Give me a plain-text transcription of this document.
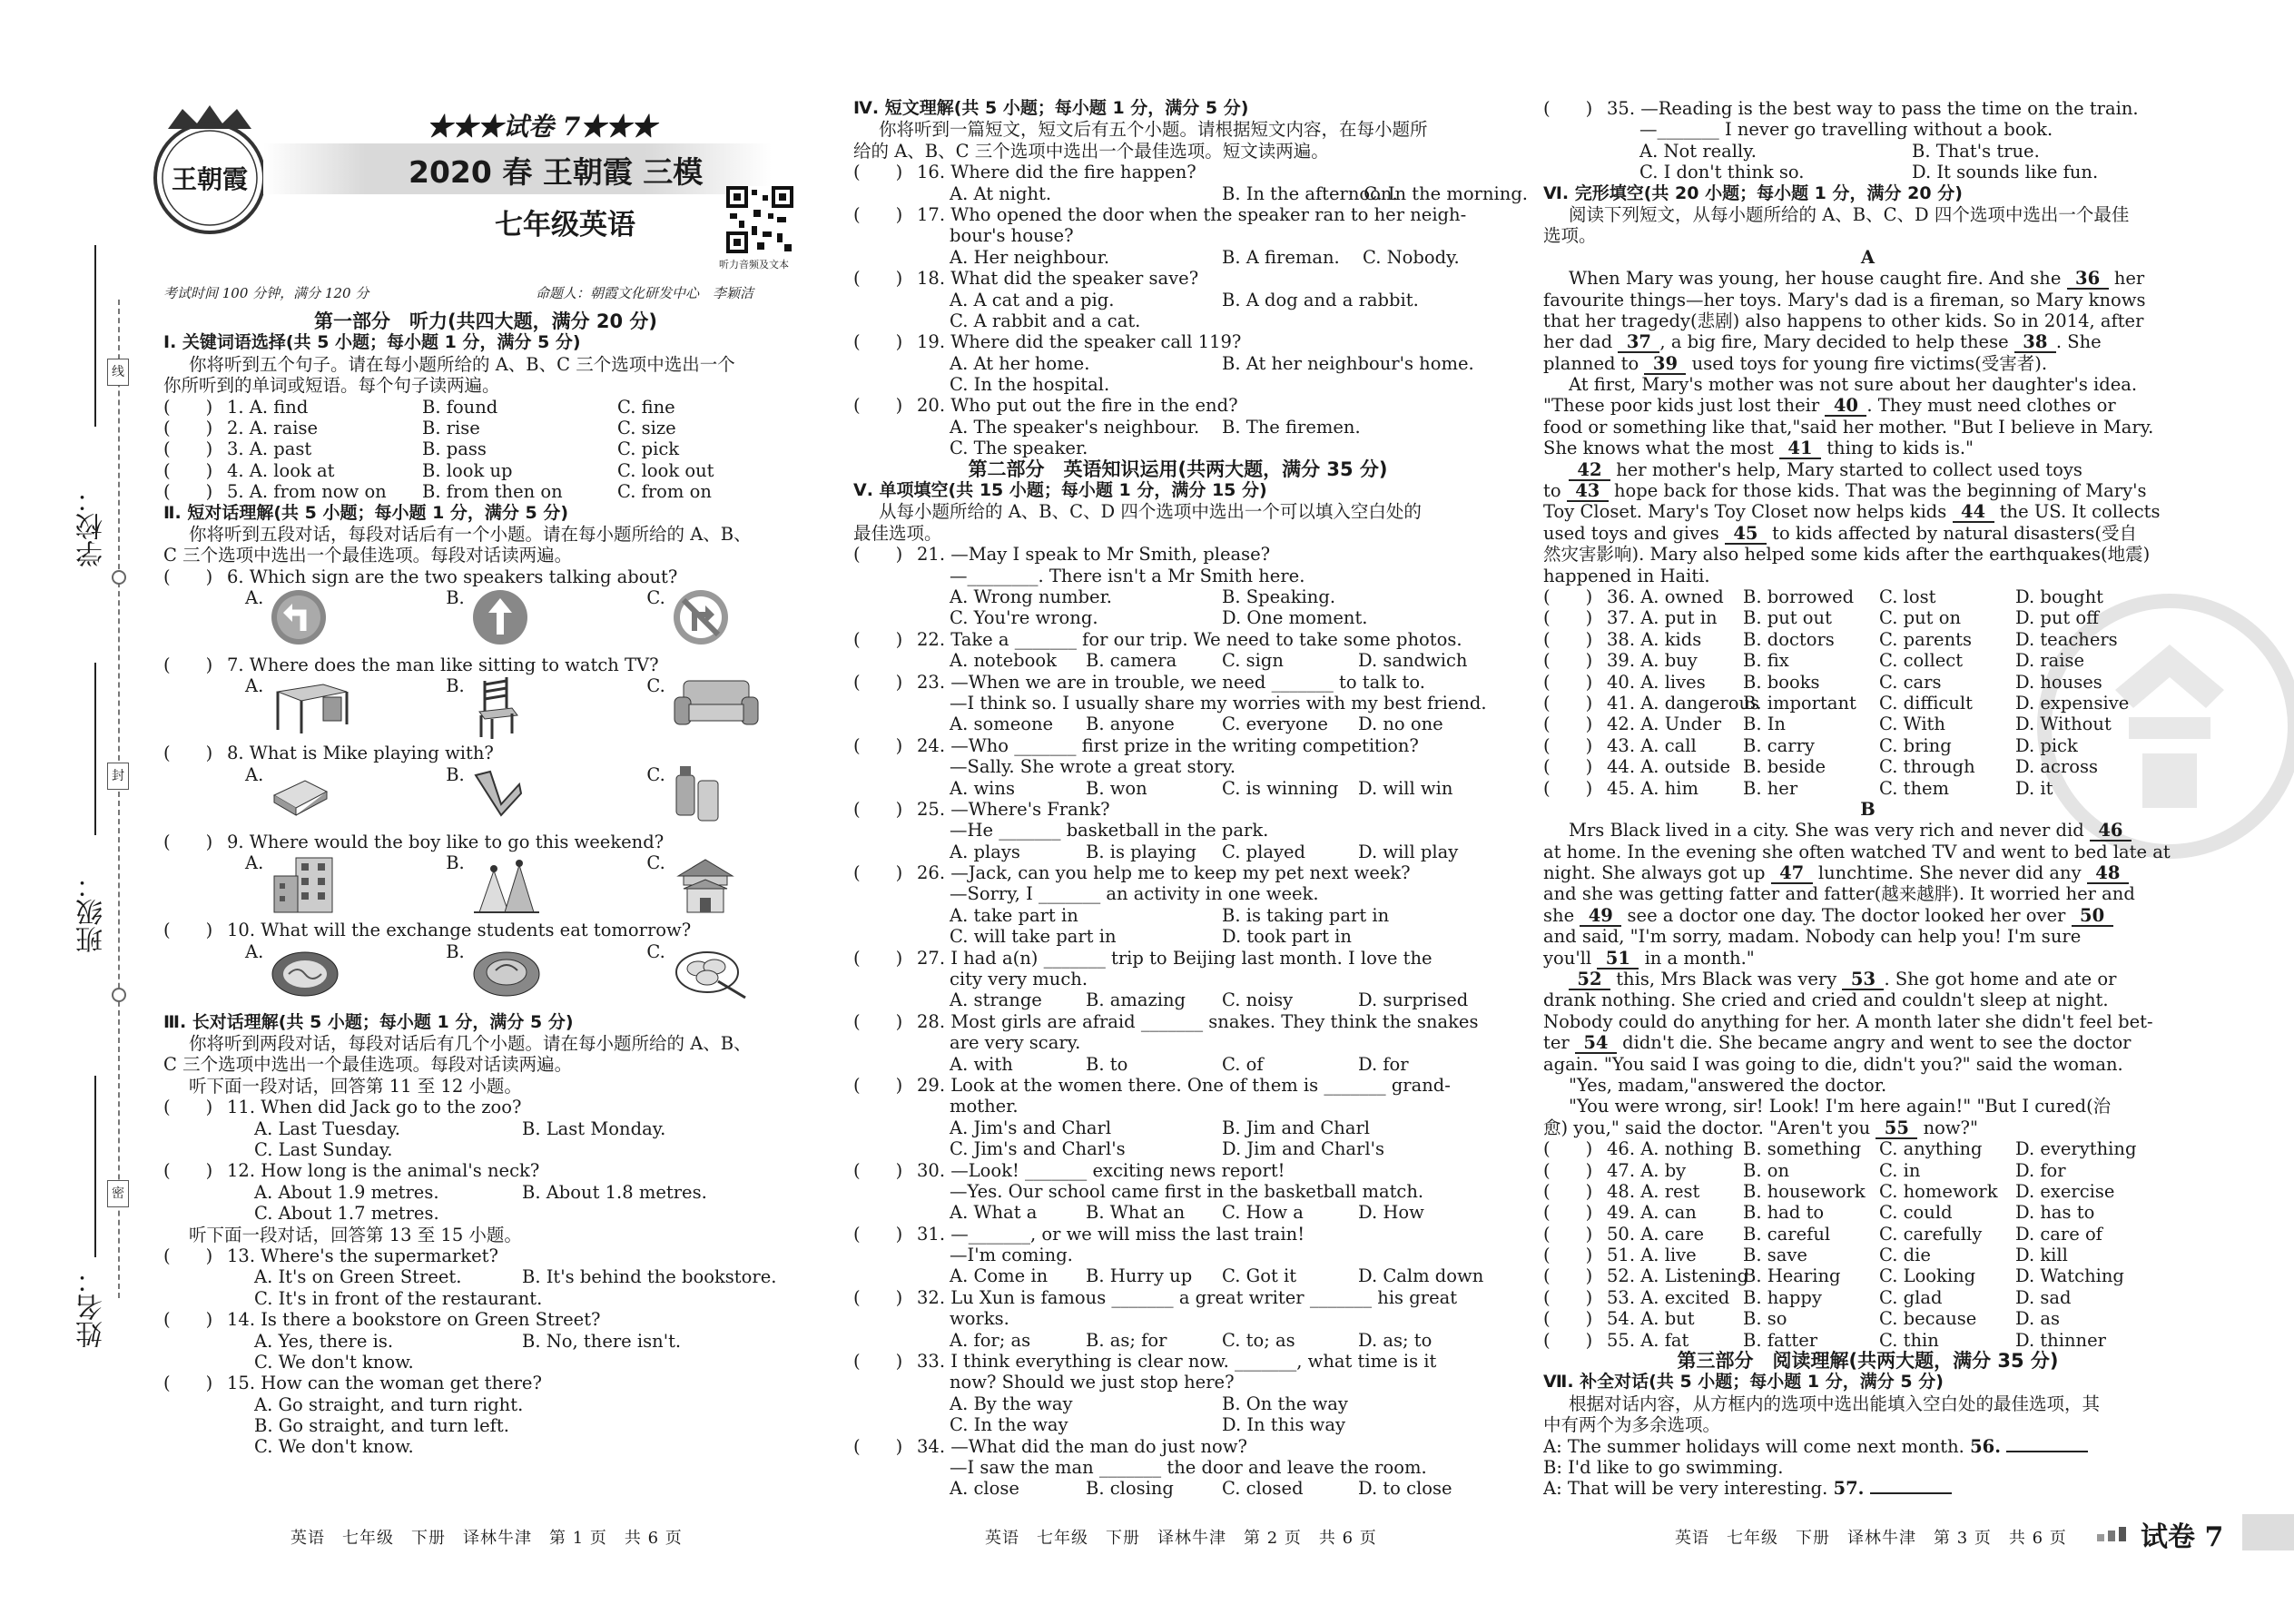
学校：
班级：
姓名：
线
封
密
王朝霞
★★★试卷 7★★★
2020 春 王朝霞 三模
七年级英语
听力音频及文本
考试时间 100 分钟，满分 120 分	命题人：朝霞文化研发中心　李颖洁
第一部分　听力(共四大题，满分 20 分)
Ⅰ. 关键词语选择(共 5 小题；每小题 1 分，满分 5 分)
你将听到五个句子。请在每小题所给的 A、B、C 三个选项中选出一个
你所听到的单词或短语。每个句子读两遍。
(　　) 1. A. find	B. found	C. fine
(　　) 2. A. raise	B. rise	C. size
(　　) 3. A. past	B. pass	C. pick
(　　) 4. A. look at	B. look up	C. look out
(　　) 5. A. from now on B. from then on	C. from on
Ⅱ. 短对话理解(共 5 小题；每小题 1 分，满分 5 分)
你将听到五段对话，每段对话后有一个小题。请在每小题所给的 A、B、
C 三个选项中选出一个最佳选项。每段对话读两遍。
(　　) 6. Which sign are the two speakers talking about?
A.	B.	C.
(　　) 7. Where does the man like sitting to watch TV?
A.	B.	C.
(　　) 8. What is Mike playing with?
A.	B.	C.
(　　) 9. Where would the boy like to go this weekend?
A.	B.	C.
(　　) 10. What will the exchange students eat tomorrow?
A.	B.	C.
Ⅲ. 长对话理解(共 5 小题；每小题 1 分，满分 5 分)
你将听到两段对话，每段对话后有几个小题。请在每小题所给的 A、B、
C 三个选项中选出一个最佳选项。每段对话读两遍。
听下面一段对话，回答第 11 至 12 小题。
(　　) 11. When did Jack go to the zoo?
A. Last Tuesday.	B. Last Monday.
C. Last Sunday.
(　　) 12. How long is the animal's neck?
A. About 1.9 metres.	B. About 1.8 metres.
C. About 1.7 metres.
听下面一段对话，回答第 13 至 15 小题。
(　　) 13. Where's the supermarket?
A. It's on Green Street.	B. It's behind the bookstore.
C. It's in front of the restaurant.
(　　) 14. Is there a bookstore on Green Street?
A. Yes, there is.	B. No, there isn't.
C. We don't know.
(　　) 15. How can the woman get there?
A. Go straight, and turn right.
B. Go straight, and turn left.
C. We don't know.
英语　七年级　下册　译林牛津　第 1 页　共 6 页
Ⅳ. 短文理解(共 5 小题；每小题 1 分，满分 5 分)
你将听到一篇短文，短文后有五个小题。请根据短文内容，在每小题所
给的 A、B、C 三个选项中选出一个最佳选项。短文读两遍。
(　　) 16. Where did the fire happen?
A. At night.	B. In the afternoon. C. In the morning.
(　　) 17. Who opened the door when the speaker ran to her neigh-
bour's house?
A. Her neighbour.	B. A fireman. C. Nobody.
(　　) 18. What did the speaker save?
A. A cat and a pig.	B. A dog and a rabbit.
C. A rabbit and a cat.
(　　) 19. Where did the speaker call 119?
A. At her home.	B. At her neighbour's home.
C. In the hospital.
(　　) 20. Who put out the fire in the end?
A. The speaker's neighbour. B. The firemen.
C. The speaker.
第二部分　英语知识运用(共两大题，满分 35 分)
Ⅴ. 单项填空(共 15 小题；每小题 1 分，满分 15 分)
从每小题所给的 A、B、C、D 四个选项中选出一个可以填入空白处的
最佳选项。
(　　) 21. —May I speak to Mr Smith, please?
—________. There isn't a Mr Smith here.
A. Wrong number.	B. Speaking.
C. You're wrong.	D. One moment.
(　　) 22. Take a _______ for our trip. We need to take some photos.
A. notebook B. camera	C. sign	D. sandwich
(　　) 23. —When we are in trouble, we need _______ to talk to.
—I think so. I usually share my worries with my best friend.
A. someone B. anyone	C. everyone D. no one
(　　) 24. —Who _______ first prize in the writing competition?
—Sally. She wrote a great story.
A. wins	B. won	C. is winning D. will win
(　　) 25. —Where's Frank?
—He _______ basketball in the park.
A. plays	B. is playing C. played	D. will play
(　　) 26. —Jack, can you help me to keep my pet next week?
—Sorry, I _______ an activity in one week.
A. take part in	B. is taking part in
C. will take part in	D. took part in
(　　) 27. I had a(n) _______ trip to Beijing last month. I love the
city very much.
A. strange B. amazing C. noisy	D. surprised
(　　) 28. Most girls are afraid _______ snakes. They think the snakes
are very scary.
A. with	B. to	C. of	D. for
(　　) 29. Look at the women there. One of them is _______ grand-
mother.
A. Jim's and Charl	B. Jim and Charl
C. Jim's and Charl's	D. Jim and Charl's
(　　) 30. —Look! _______ exciting news report!
—Yes. Our school came first in the basketball match.
A. What a	B. What an C. How a	D. How
(　　) 31. —_______, or we will miss the last train!
—I'm coming.
A. Come in B. Hurry up C. Got it	D. Calm down
(　　) 32. Lu Xun is famous _______ a great writer _______ his great
works.
A. for; as	B. as; for	C. to; as	D. as; to
(　　) 33. I think everything is clear now. _______, what time is it
now? Should we just stop here?
A. By the way	B. On the way
C. In the way	D. In this way
(　　) 34. —What did the man do just now?
—I saw the man _______ the door and leave the room.
A. close	B. closing	C. closed	D. to close
英语　七年级　下册　译林牛津　第 2 页　共 6 页
(　　) 35. —Reading is the best way to pass the time on the train.
—_______ I never go travelling without a book.
A. Not really.	B. That's true.
C. I don't think so.	D. It sounds like fun.
Ⅵ. 完形填空(共 20 小题；每小题 1 分，满分 20 分)
阅读下列短文，从每小题所给的 A、B、C、D 四个选项中选出一个最佳
选项。
A
When Mary was young, her house caught fire. And she 36 her
favourite things—her toys. Mary's dad is a fireman, so Mary knows
that her tragedy(悲剧) also happens to other kids. So in 2014, after
her dad 37 , a big fire, Mary decided to help these 38 . She
planned to 39 used toys for young fire victims(受害者).
At first, Mary's mother was not sure about her daughter's idea.
"These poor kids just lost their 40 . They must need clothes or
food or something like that,"said her mother. "But I believe in Mary.
She knows what the most 41 thing to kids is."
42 her mother's help, Mary started to collect used toys
to 43 hope back for those kids. That was the beginning of Mary's
Toy Closet. Mary's Toy Closet now helps kids 44 the US. It collects
used toys and gives 45 to kids affected by natural disasters(受自
然灾害影响). Mary also helped some kids after the earthquakes(地震)
happened in Haiti.
(　　) 36. A. owned B. borrowed C. lost	D. bought
(　　) 37. A. put in B. put out	C. put on	D. put off
(　　) 38. A. kids B. doctors	C. parents D. teachers
(　　) 39. A. buy	B. fix	C. collect	D. raise
(　　) 40. A. lives B. books	C. cars	D. houses
(　　) 41. A. dangerousB. important C. difficult D. expensive
(　　) 42. A. Under B. In	C. With	D. Without
(　　) 43. A. call	B. carry	C. bring	D. pick
(　　) 44. A. outside B. beside	C. through D. across
(　　) 45. A. him	B. her	C. them	D. it
B
Mrs Black lived in a city. She was very rich and never did 46
at home. In the evening she often watched TV and went to bed late at
night. She always got up 47 lunchtime. She never did any 48
and she was getting fatter and fatter(越来越胖). It worried her and
she 49 see a doctor one day. The doctor looked her over 50
and said, "I'm sorry, madam. Nobody can help you! I'm sure
you'll 51 in a month."
52 this, Mrs Black was very 53 . She got home and ate or
drank nothing. She cried and cried and couldn't sleep at night.
Nobody could do anything for her. A month later she didn't feel bet-
ter 54 didn't die. She became angry and went to see the doctor
again. "You said I was going to die, didn't you?" said the woman.
"Yes, madam,"answered the doctor.
"You were wrong, sir! Look! I'm here again!" "But I cured(治
愈) you," said the doctor. "Aren't you 55 now?"
(　　) 46. A. nothing B. something C. anything D. everything
(　　) 47. A. by	B. on	C. in	D. for
(　　) 48. A. rest B. housework C. homework D. exercise
(　　) 49. A. can	B. had to	C. could	D. has to
(　　) 50. A. care B. careful	C. carefully D. care of
(　　) 51. A. live	B. save	C. die	D. kill
(　　) 52. A. ListeningB. Hearing C. Looking D. Watching
(　　) 53. A. excited B. happy	C. glad	D. sad
(　　) 54. A. but	B. so	C. because D. as
(　　) 55. A. fat	B. fatter	C. thin	D. thinner
第三部分　阅读理解(共两大题，满分 35 分)
Ⅶ. 补全对话(共 5 小题；每小题 1 分，满分 5 分)
根据对话内容，从方框内的选项中选出能填入空白处的最佳选项，其
中有两个为多余选项。
A: The summer holidays will come next month. 56.
B: I'd like to go swimming.
A: That will be very interesting. 57.
英语　七年级　下册　译林牛津　第 3 页　共 6 页	试卷 7
